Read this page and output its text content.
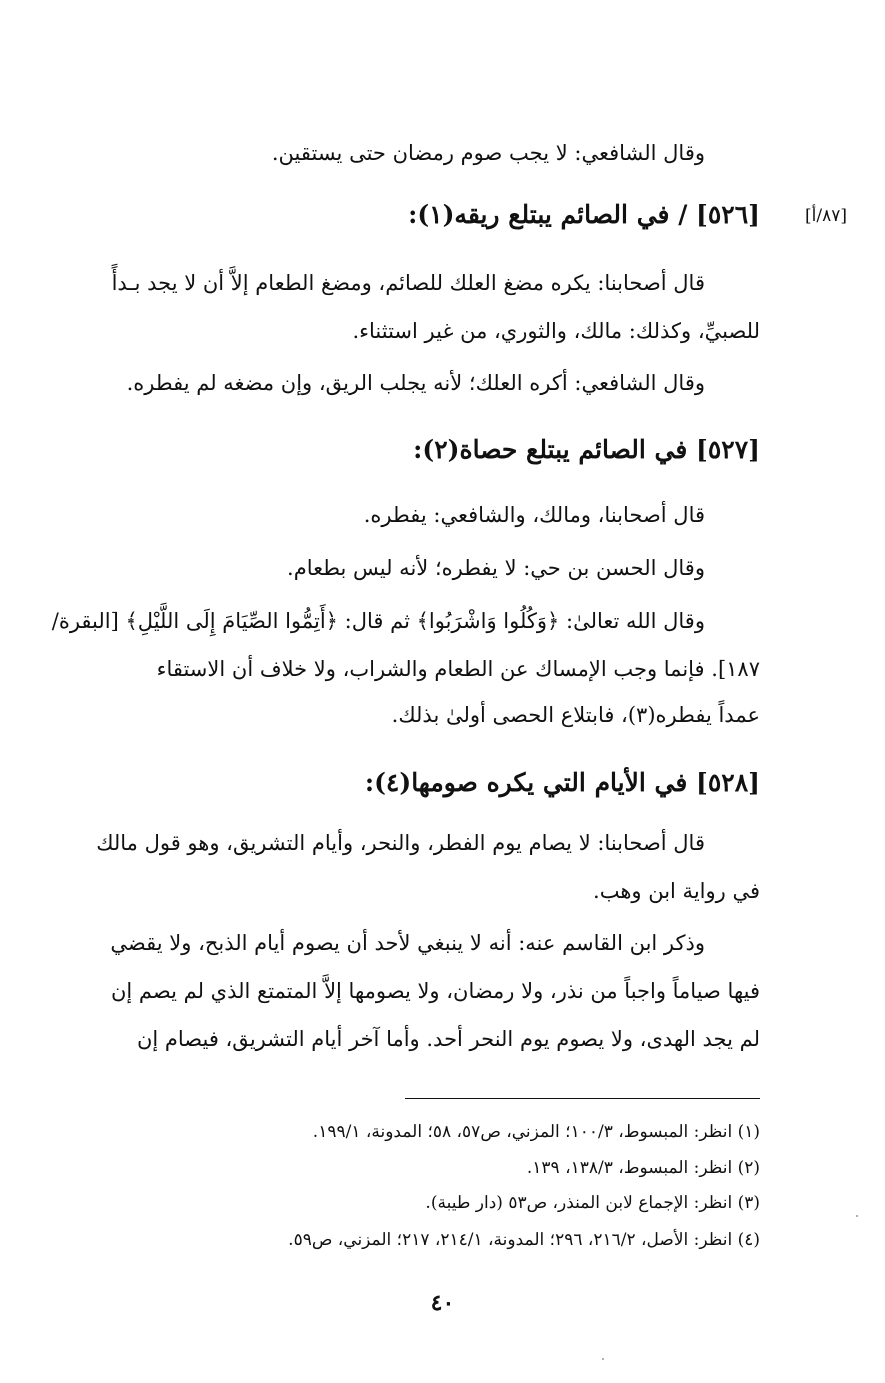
وقال الشافعي: لا يجب صوم رمضان حتى يستقين.
[٨٧/أ]
[٥٢٦] / في الصائم يبتلع ريقه(١):
قال أصحابنا: يكره مضغ العلك للصائم، ومضغ الطعام إلاَّ أن لا يجد بـدأً
للصبيِّ، وكذلك: مالك، والثوري، من غير استثناء.
وقال الشافعي: أكره العلك؛ لأنه يجلب الريق، وإن مضغه لم يفطره.
[٥٢٧] في الصائم يبتلع حصاة(٢):
قال أصحابنا، ومالك، والشافعي: يفطره.
وقال الحسن بن حي: لا يفطره؛ لأنه ليس بطعام.
وقال الله تعالىٰ: ﴿وَكُلُوا وَاشْرَبُوا﴾ ثم قال: ﴿أَتِمُّوا الصِّيَامَ إِلَى اللَّيْلِ﴾ [البقرة/
١٨٧]. فإنما وجب الإمساك عن الطعام والشراب، ولا خلاف أن الاستقاء
عمداً يفطره(٣)، فابتلاع الحصى أولىٰ بذلك.
[٥٢٨] في الأيام التي يكره صومها(٤):
قال أصحابنا: لا يصام يوم الفطر، والنحر، وأيام التشريق، وهو قول مالك
في رواية ابن وهب.
وذكر ابن القاسم عنه: أنه لا ينبغي لأحد أن يصوم أيام الذبح، ولا يقضي
فيها صياماً واجباً من نذر، ولا رمضان، ولا يصومها إلاَّ المتمتع الذي لم يصم إن
لم يجد الهدى، ولا يصوم يوم النحر أحد. وأما آخر أيام التشريق، فيصام إن
(١) انظر: المبسوط، ١٠٠/٣؛ المزني، ص٥٧، ٥٨؛ المدونة، ١٩٩/١.
(٢) انظر: المبسوط، ١٣٨/٣، ١٣٩.
(٣) انظر: الإجماع لابن المنذر، ص٥٣ (دار طيبة).
(٤) انظر: الأصل، ٢١٦/٢، ٢٩٦؛ المدونة، ٢١٤/١، ٢١٧؛ المزني، ص٥٩.
٤٠
